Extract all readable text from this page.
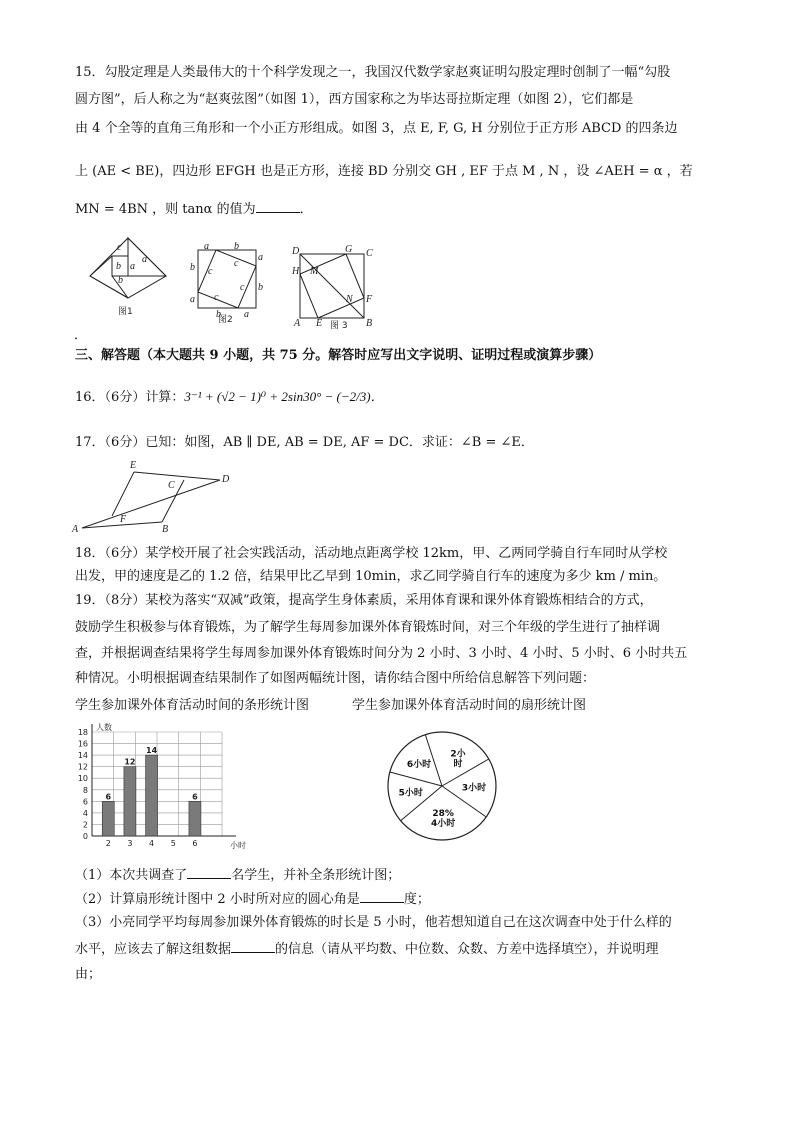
15．勾股定理是人类最伟大的十个科学发现之一，我国汉代数学家赵爽证明勾股定理时创制了一幅“勾股
圆方图”，后人称之为“赵爽弦图”（如图 1），西方国家称之为毕达哥拉斯定理（如图 2），它们都是
由 4 个全等的直角三角形和一个小正方形组成。如图 3，点 E, F, G, H 分别位于正方形 ABCD 的四条边
上 (AE < BE)，四边形 EFGH 也是正方形，连接 BD 分别交 GH , EF 于点 M , N ，设 ∠AEH = α ，若
MN = 4BN ，则 tanα 的值为	．
c
b a
a
b
图1
a	b
b
a
a
b
b a
c
c
c
c
图2
D	C
G
H M
N F
A E	B
图 3
．
三、解答题（本大题共 9 小题，共 75 分。解答时应写出文字说明、证明过程或演算步骤）
16．（6分）计算：3⁻¹ + (√2 − 1)⁰ + 2sin30° − (−2/3)．
17．（6分）已知：如图，AB ∥ DE, AB = DE, AF = DC．求证：∠B = ∠E．
A	B
C
D
E
F
18．（6分）某学校开展了社会实践活动，活动地点距离学校 12km，甲、乙两同学骑自行车同时从学校
出发，甲的速度是乙的 1.2 倍，结果甲比乙早到 10min，求乙同学骑自行车的速度为多少 km / min。
19．（8分）某校为落实“双减”政策，提高学生身体素质，采用体育课和课外体育锻炼相结合的方式，
鼓励学生积极参与体育锻炼，为了解学生每周参加课外体育锻炼时间，对三个年级的学生进行了抽样调
查，并根据调查结果将学生每周参加课外体育锻炼时间分为 2 小时、3 小时、4 小时、5 小时、6 小时共五
种情况。小明根据调查结果制作了如图两幅统计图，请你结合图中所给信息解答下列问题：
学生参加课外体育活动时间的条形统计图	学生参加课外体育活动时间的扇形统计图
0
2
4
6
8
10
12
14
16
18
人数
小时
2
6
3
12
4
14
5 6
6
2小
时
3小时
28%
4小时
5小时
6小时
（1）本次共调查了	名学生，并补全条形统计图；
（2）计算扇形统计图中 2 小时所对应的圆心角是	度；
（3）小亮同学平均每周参加课外体育锻炼的时长是 5 小时，他若想知道自己在这次调查中处于什么样的
水平，应该去了解这组数据	的信息（请从平均数、中位数、众数、方差中选择填空），并说明理
由；
